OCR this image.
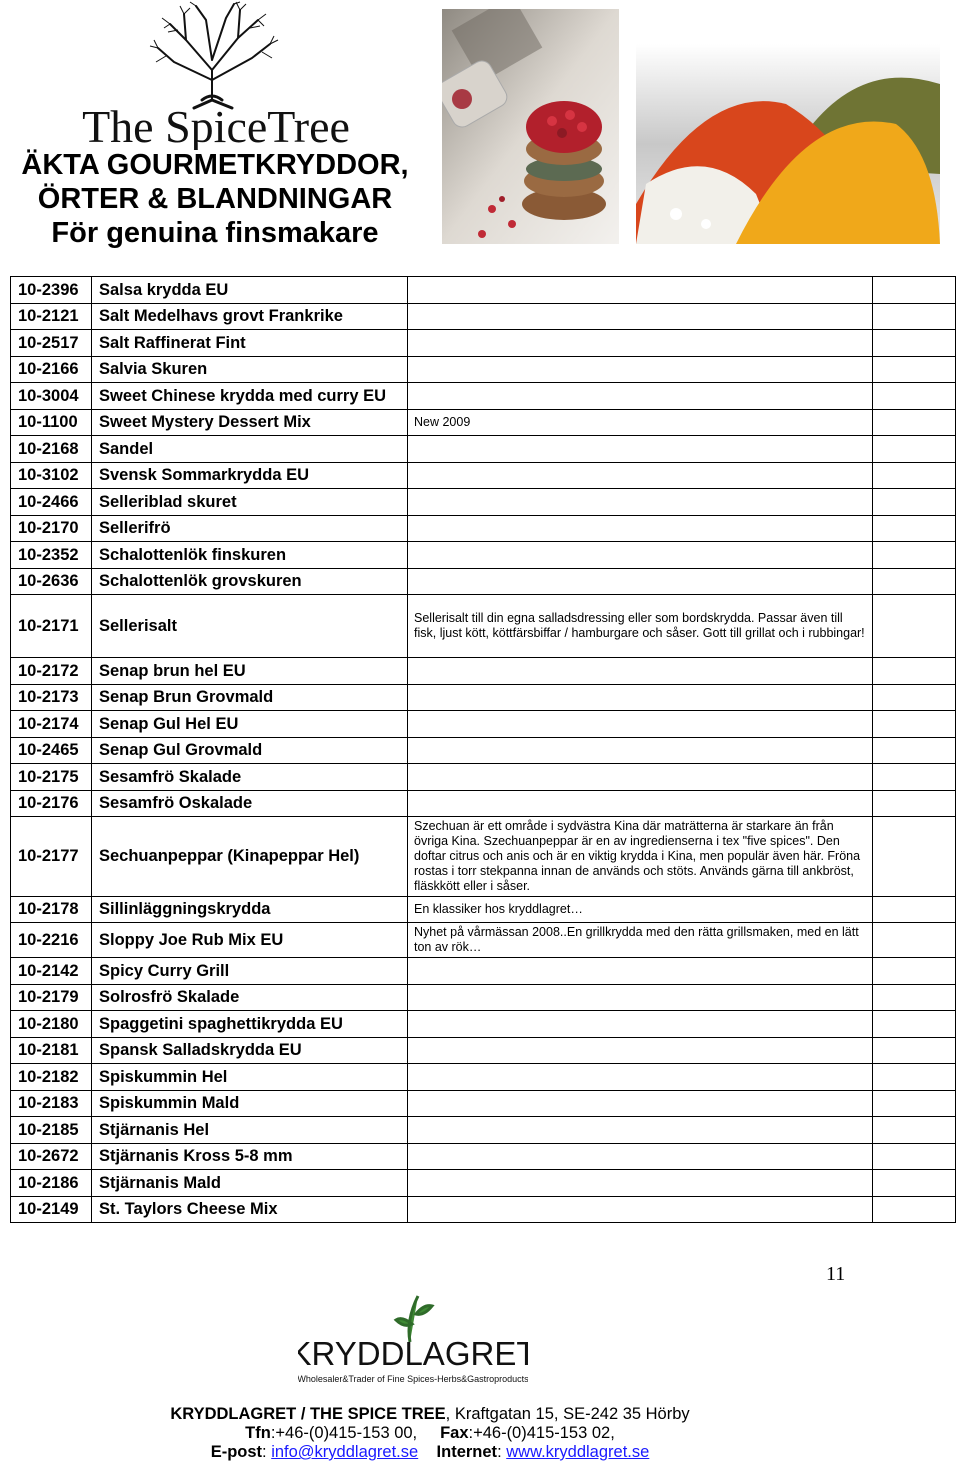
The SpiceTree
ÄKTA GOURMETKRYDDOR,
ÖRTER & BLANDNINGAR
För genuina finsmakare
10-2396	Salsa krydda EU		
10-2121	Salt Medelhavs grovt Frankrike		
10-2517	Salt Raffinerat Fint		
10-2166	Salvia Skuren		
10-3004	Sweet Chinese krydda med curry EU		
10-1100	Sweet Mystery Dessert Mix	New 2009	
10-2168	Sandel		
10-3102	Svensk Sommarkrydda EU		
10-2466	Selleriblad skuret		
10-2170	Sellerifrö		
10-2352	Schalottenlök finskuren		
10-2636	Schalottenlök grovskuren		
10-2171	Sellerisalt	Sellerisalt till din egna salladsdressing eller som bordskrydda. Passar även till fisk, ljust kött, köttfärsbiffar / hamburgare och såser. Gott till grillat och i rubbingar!	
10-2172	Senap brun hel EU		
10-2173	Senap Brun Grovmald		
10-2174	Senap Gul Hel EU		
10-2465	Senap Gul Grovmald		
10-2175	Sesamfrö Skalade		
10-2176	Sesamfrö Oskalade		
10-2177	Sechuanpeppar (Kinapeppar Hel)	Szechuan är ett område i sydvästra Kina där maträtterna är starkare än från övriga Kina. Szechuanpeppar är en av ingredienserna i tex "five spices". Den doftar citrus och anis och är en viktig krydda i Kina, men populär även här. Fröna rostas i torr stekpanna innan de används och stöts. Används gärna till ankbröst, fläskkött eller i såser.	
10-2178	Sillinläggningskrydda	En klassiker hos kryddlagret…	
10-2216	Sloppy Joe Rub Mix EU	Nyhet på vårmässan 2008..En grillkrydda med den rätta grillsmaken, med en lätt ton av rök…	
10-2142	Spicy Curry Grill		
10-2179	Solrosfrö Skalade		
10-2180	Spaggetini spaghettikrydda EU		
10-2181	Spansk Salladskrydda EU		
10-2182	Spiskummin Hel		
10-2183	Spiskummin Mald		
10-2185	Stjärnanis Hel		
10-2672	Stjärnanis Kross 5-8 mm		
10-2186	Stjärnanis Mald		
10-2149	St. Taylors Cheese Mix		
11
KRYDDLAGRET
Wholesaler&Trader of Fine Spices-Herbs&Gastroproducts
KRYDDLAGRET / THE SPICE TREE, Kraftgatan 15, SE-242 35 Hörby
Tfn:+46-(0)415-153 00, Fax:+46-(0)415-153 02,
E-post: info@kryddlagret.se Internet: www.kryddlagret.se
